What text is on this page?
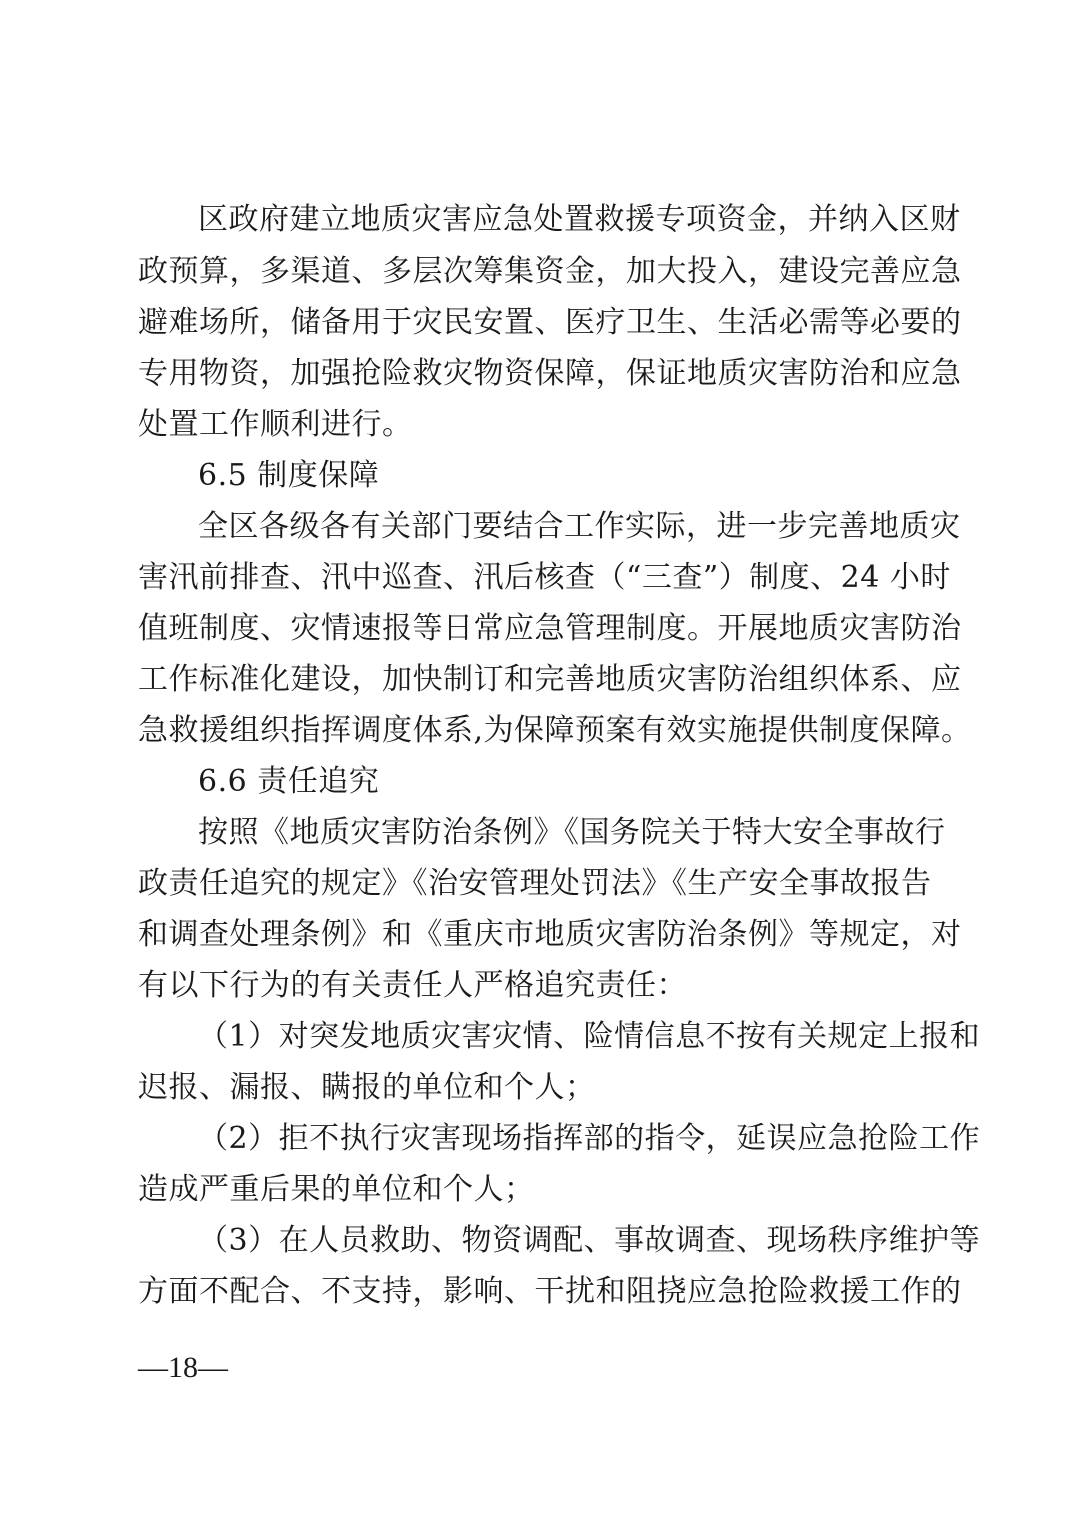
区政府建立地质灾害应急处置救援专项资金，并纳入区财
政预算，多渠道、多层次筹集资金，加大投入，建设完善应急
避难场所，储备用于灾民安置、医疗卫生、生活必需等必要的
专用物资，加强抢险救灾物资保障，保证地质灾害防治和应急
处置工作顺利进行。
6.5 制度保障
全区各级各有关部门要结合工作实际，进一步完善地质灾
害汛前排查、汛中巡查、汛后核查（“三查”）制度、24 小时
值班制度、灾情速报等日常应急管理制度。开展地质灾害防治
工作标准化建设，加快制订和完善地质灾害防治组织体系、应
急救援组织指挥调度体系,为保障预案有效实施提供制度保障。
6.6 责任追究
按照《地质灾害防治条例》《国务院关于特大安全事故行
政责任追究的规定》《治安管理处罚法》《生产安全事故报告
和调查处理条例》和《重庆市地质灾害防治条例》等规定，对
有以下行为的有关责任人严格追究责任：
（1）对突发地质灾害灾情、险情信息不按有关规定上报和
迟报、漏报、瞒报的单位和个人；
（2）拒不执行灾害现场指挥部的指令，延误应急抢险工作
造成严重后果的单位和个人；
（3）在人员救助、物资调配、事故调查、现场秩序维护等
方面不配合、不支持，影响、干扰和阻挠应急抢险救援工作的
—18—
